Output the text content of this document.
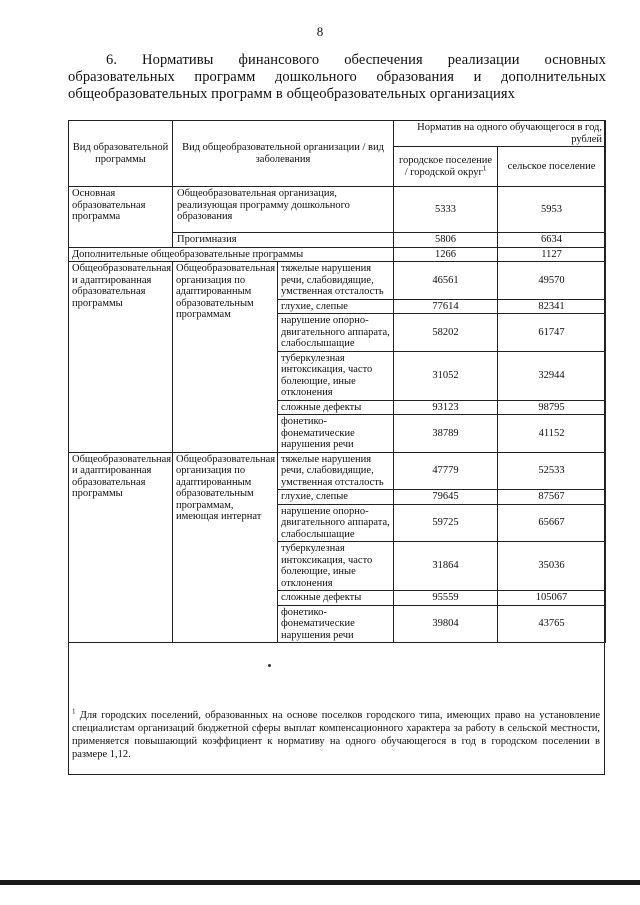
8
6. Нормативы финансового обеспечения реализации основных образовательных программ дошкольного образования и дополнительных общеобразовательных программ в общеобразовательных организациях
Вид образовательной программы	Вид общеобразовательной организации / вид заболевания		Норматив на одного обучающегося в год, рублей	
			городское поселение / городской округ$^1$	сельское поселение
Основная образовательная программа	Общеобразовательная организация, реализующая программу дошкольного образования		5333	5953
	Прогимназия		5806	6634
Дополнительные общеобразовательные программы			1266	1127
Общеобразовательная и адаптированная образовательная программы	Общеобразовательная организация по адаптированным образовательным программам	тяжелые нарушения речи, слабовидящие, умственная отсталость	46561	49570
		глухие, слепые	77614	82341
		нарушение опорно-двигательного аппарата, слабослышащие	58202	61747
		туберкулезная интоксикация, часто болеющие, иные отклонения	31052	32944
		сложные дефекты	93123	98795
		фонетико-фонематические нарушения речи	38789	41152
Общеобразовательная и адаптированная образовательная программы	Общеобразовательная организация по адаптированным образовательным программам, имеющая интернат	тяжелые нарушения речи, слабовидящие, умственная отсталость	47779	52533
		глухие, слепые	79645	87567
		нарушение опорно-двигательного аппарата, слабослышащие	59725	65667
		туберкулезная интоксикация, часто болеющие, иные отклонения	31864	35036
		сложные дефекты	95559	105067
		фонетико-фонематические нарушения речи	39804	43765
$^1$ Для городских поселений, образованных на основе поселков городского типа, имеющих право на установление специалистам организаций бюджетной сферы выплат компенсационного характера за работу в сельской местности, применяется повышающий коэффициент к нормативу на одного обучающегося в год в городском поселении в размере 1,12.
